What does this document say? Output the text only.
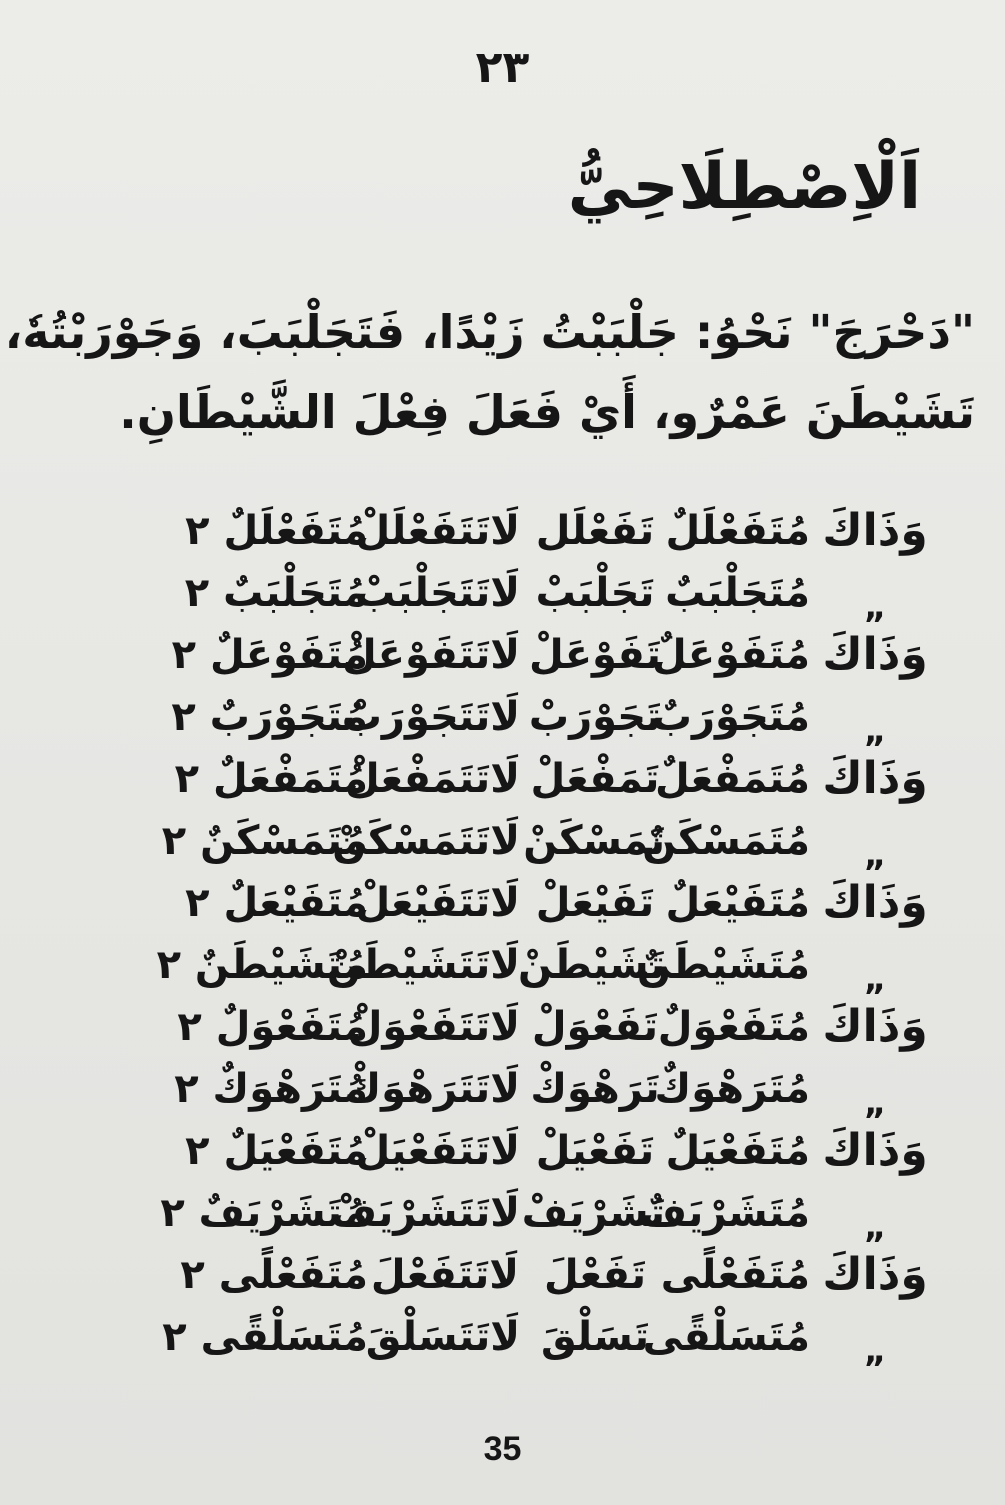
٢٣
اَلْاِصْطِلَاحِيُّ
"دَحْرَجَ" نَحْوُ: جَلْبَبْتُ زَيْدًا، فَتَجَلْبَبَ، وَجَوْرَبْتُهٗ،
تَشَيْطَنَ عَمْرٌو، أَيْ فَعَلَ فِعْلَ الشَّيْطَانِ.
وَذَاكَ
مُتَفَعْلَلٌ
تَفَعْلَل
لَاتَتَفَعْلَلْ
مُتَفَعْلَلٌ ٢
„
مُتَجَلْبَبٌ
تَجَلْبَبْ
لَاتَتَجَلْبَبْ
مُتَجَلْبَبٌ ٢
وَذَاكَ
مُتَفَوْعَلٌ
تَفَوْعَلْ
لَاتَتَفَوْعَلْ
مُتَفَوْعَلٌ ٢
„
مُتَجَوْرَبٌ
تَجَوْرَبْ
لَاتَتَجَوْرَبْ
مُتَجَوْرَبٌ ٢
وَذَاكَ
مُتَمَفْعَلٌ
تَمَفْعَلْ
لَاتَتَمَفْعَلْ
مُتَمَفْعَلٌ ٢
„
مُتَمَسْكَنٌ
تَمَسْكَنْ
لَاتَتَمَسْكَنْ
مُتَمَسْكَنٌ ٢
وَذَاكَ
مُتَفَيْعَلٌ
تَفَيْعَلْ
لَاتَتَفَيْعَلْ
مُتَفَيْعَلٌ ٢
„
مُتَشَيْطَنٌ
تَشَيْطَنْ
لَاتَتَشَيْطَنْ
مُتَشَيْطَنٌ ٢
وَذَاكَ
مُتَفَعْوَلٌ
تَفَعْوَلْ
لَاتَتَفَعْوَلْ
مُتَفَعْوَلٌ ٢
„
مُتَرَهْوَكٌ
تَرَهْوَكْ
لَاتَتَرَهْوَكْ
مُتَرَهْوَكٌ ٢
وَذَاكَ
مُتَفَعْيَلٌ
تَفَعْيَلْ
لَاتَتَفَعْيَلْ
مُتَفَعْيَلٌ ٢
„
مُتَشَرْيَفٌ
تَشَرْيَفْ
لَاتَتَشَرْيَفْ
مُتَشَرْيَفٌ ٢
وَذَاكَ
مُتَفَعْلًى
تَفَعْلَ
لَاتَتَفَعْلَ
مُتَفَعْلًى ٢
„
مُتَسَلْقًى
تَسَلْقَ
لَاتَتَسَلْقَ
مُتَسَلْقًى ٢
35
